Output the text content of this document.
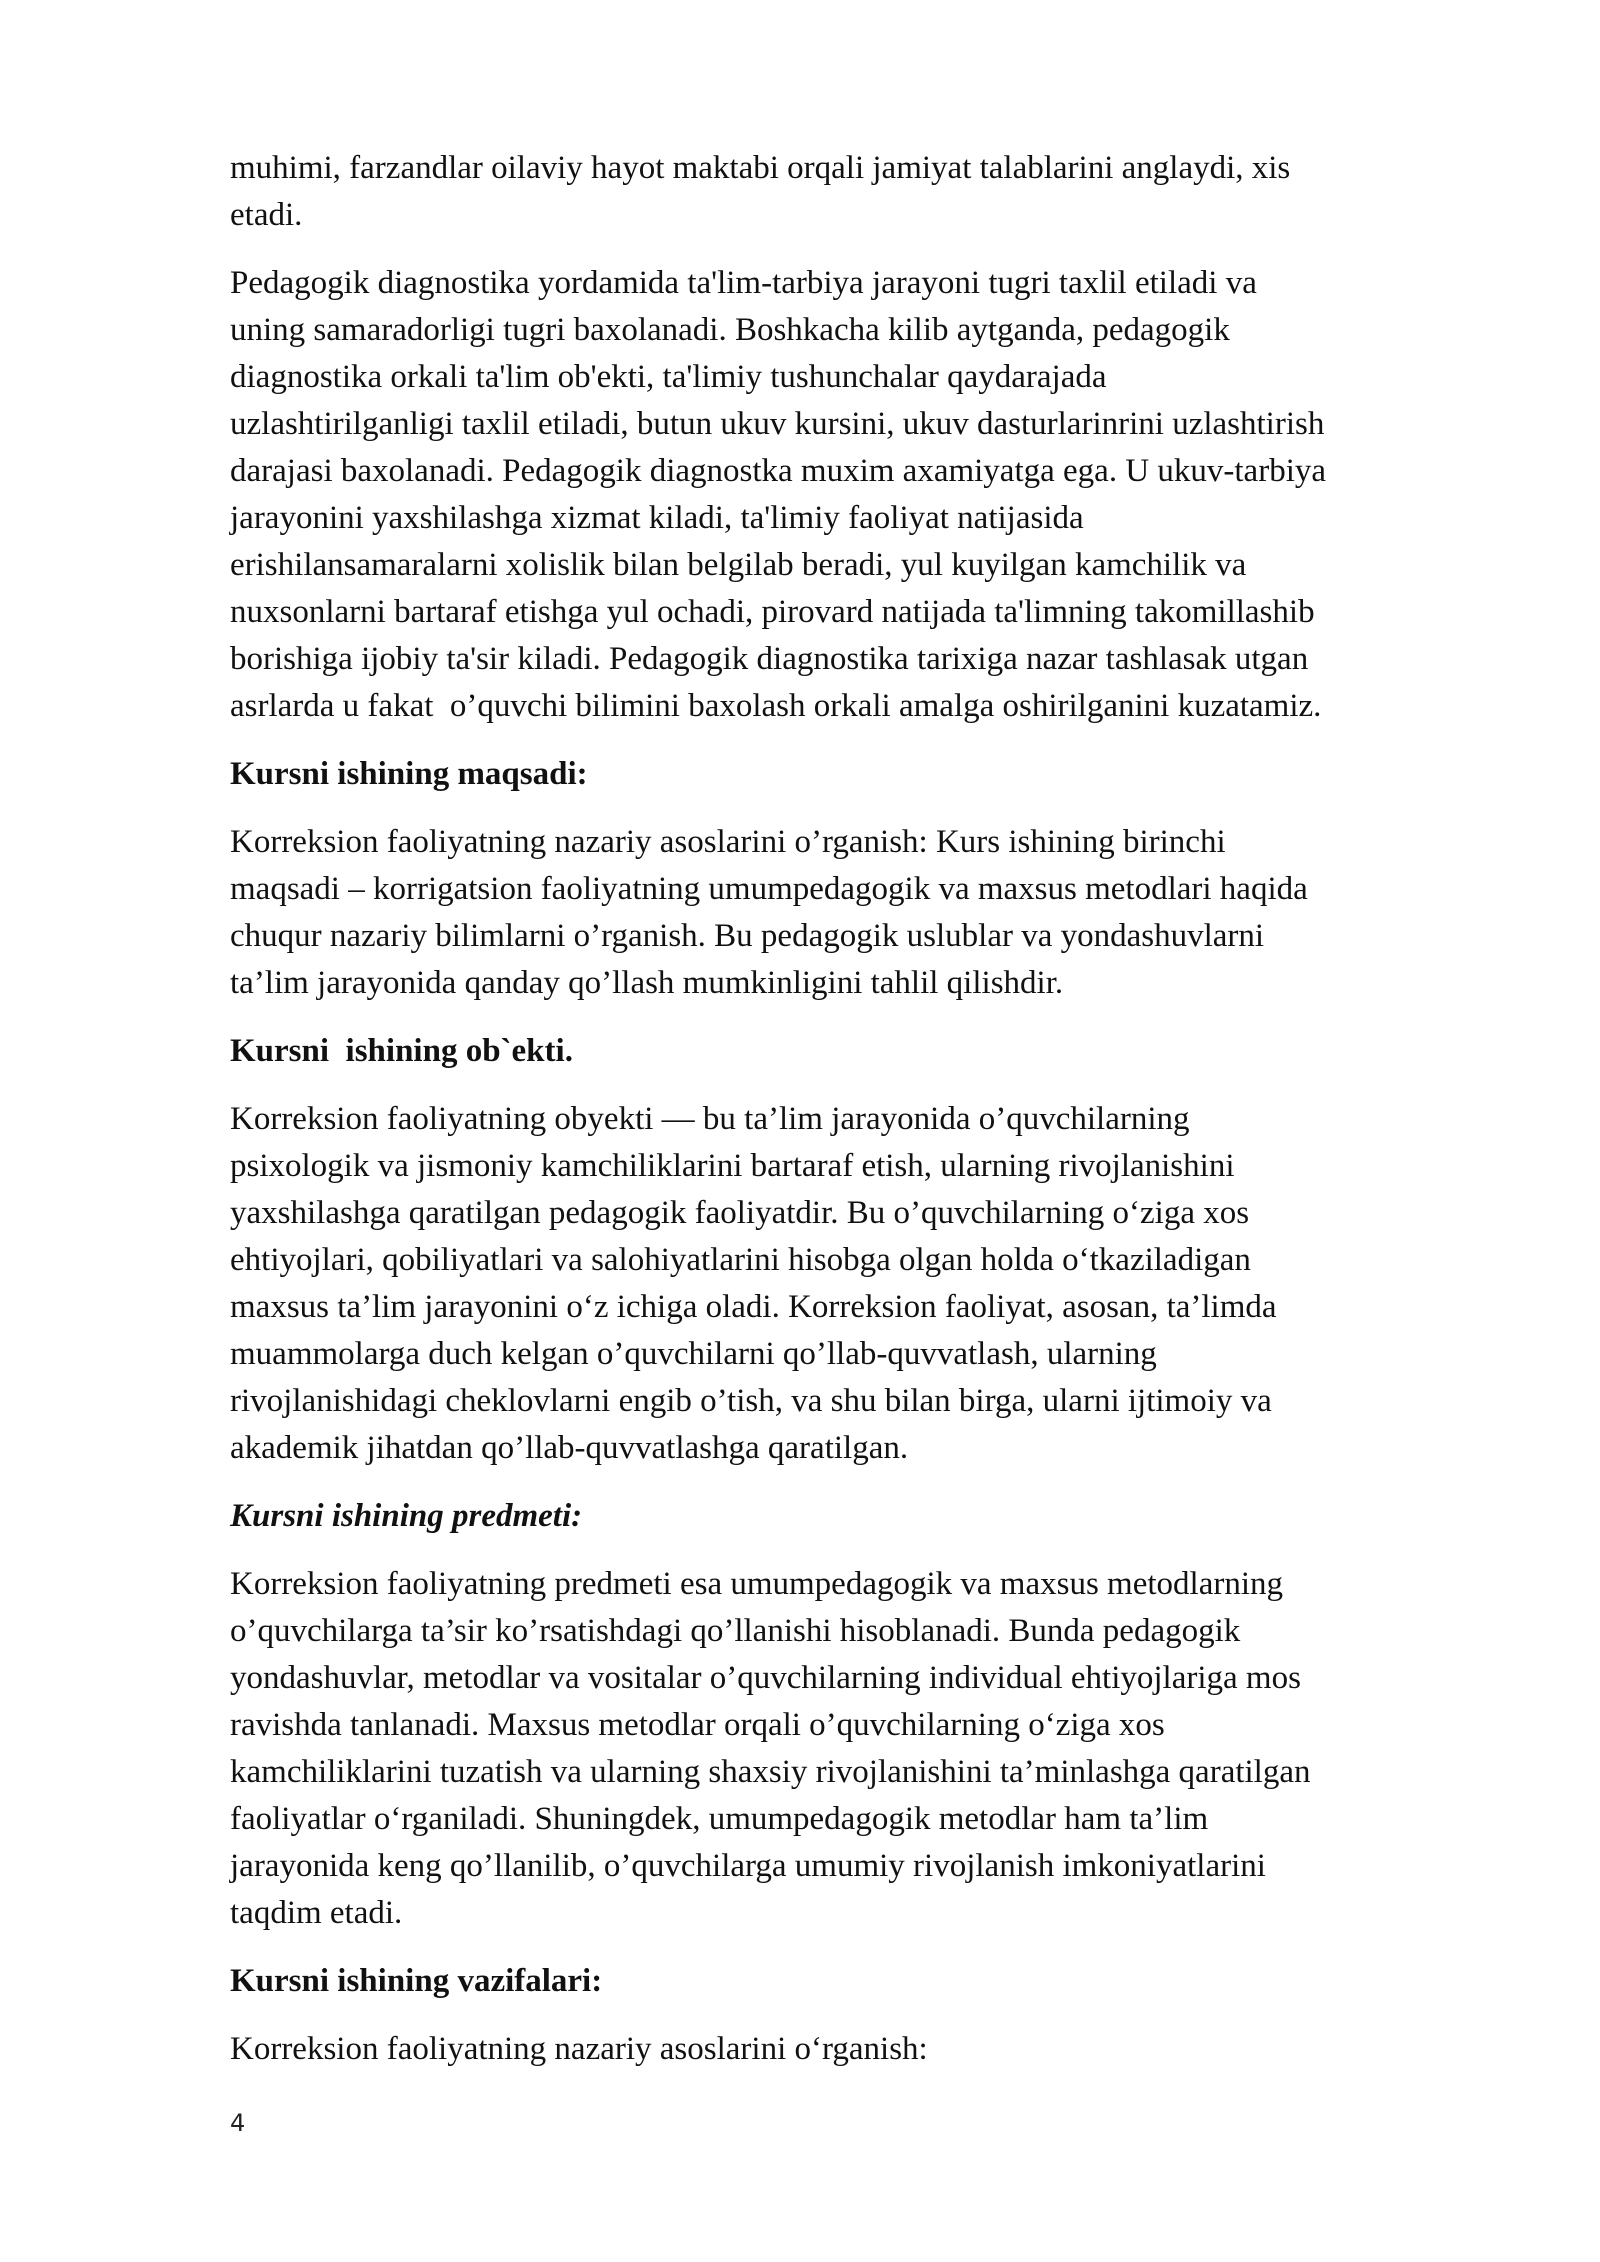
muhimi, farzandlar oilaviy hayot maktabi orqali jamiyat talablarini anglaydi, xis
etadi.

Pedagogik diagnostika yordamida ta'lim-tarbiya jarayoni tugri taxlil etiladi va
uning samaradorligi tugri baxolanadi. Boshkacha kilib aytganda, pedagogik
diagnostika orkali ta'lim ob'ekti, ta'limiy tushunchalar qaydarajada
uzlashtirilganligi taxlil etiladi, butun ukuv kursini, ukuv dasturlarinrini uzlashtirish
darajasi baxolanadi. Pedagogik diagnostka muxim axamiyatga ega. U ukuv-tarbiya
jarayonini yaxshilashga xizmat kiladi, ta'limiy faoliyat natijasida
erishilansamaralarni xolislik bilan belgilab beradi, yul kuyilgan kamchilik va
nuxsonlarni bartaraf etishga yul ochadi, pirovard natijada ta'limning takomillashib
borishiga ijobiy ta'sir kiladi. Pedagogik diagnostika tarixiga nazar tashlasak utgan
asrlarda u fakat  o’quvchi bilimini baxolash orkali amalga oshirilganini kuzatamiz.

Kursni ishining maqsadi:

Korreksion faoliyatning nazariy asoslarini o’rganish: Kurs ishining birinchi
maqsadi – korrigatsion faoliyatning umumpedagogik va maxsus metodlari haqida
chuqur nazariy bilimlarni o’rganish. Bu pedagogik uslublar va yondashuvlarni
ta’lim jarayonida qanday qo’llash mumkinligini tahlil qilishdir.

Kursni  ishining ob`ekti.

Korreksion faoliyatning obyekti — bu ta’lim jarayonida o’quvchilarning
psixologik va jismoniy kamchiliklarini bartaraf etish, ularning rivojlanishini
yaxshilashga qaratilgan pedagogik faoliyatdir. Bu o’quvchilarning o‘ziga xos
ehtiyojlari, qobiliyatlari va salohiyatlarini hisobga olgan holda o‘tkaziladigan
maxsus ta’lim jarayonini o‘z ichiga oladi. Korreksion faoliyat, asosan, ta’limda
muammolarga duch kelgan o’quvchilarni qo’llab-quvvatlash, ularning
rivojlanishidagi cheklovlarni engib o’tish, va shu bilan birga, ularni ijtimoiy va
akademik jihatdan qo’llab-quvvatlashga qaratilgan.

Kursni ishining predmeti:

Korreksion faoliyatning predmeti esa umumpedagogik va maxsus metodlarning
o’quvchilarga ta’sir ko’rsatishdagi qo’llanishi hisoblanadi. Bunda pedagogik
yondashuvlar, metodlar va vositalar o’quvchilarning individual ehtiyojlariga mos
ravishda tanlanadi. Maxsus metodlar orqali o’quvchilarning o‘ziga xos
kamchiliklarini tuzatish va ularning shaxsiy rivojlanishini ta’minlashga qaratilgan
faoliyatlar o‘rganiladi. Shuningdek, umumpedagogik metodlar ham ta’lim
jarayonida keng qo’llanilib, o’quvchilarga umumiy rivojlanish imkoniyatlarini
taqdim etadi.

Kursni ishining vazifalari:

Korreksion faoliyatning nazariy asoslarini o‘rganish:

4
